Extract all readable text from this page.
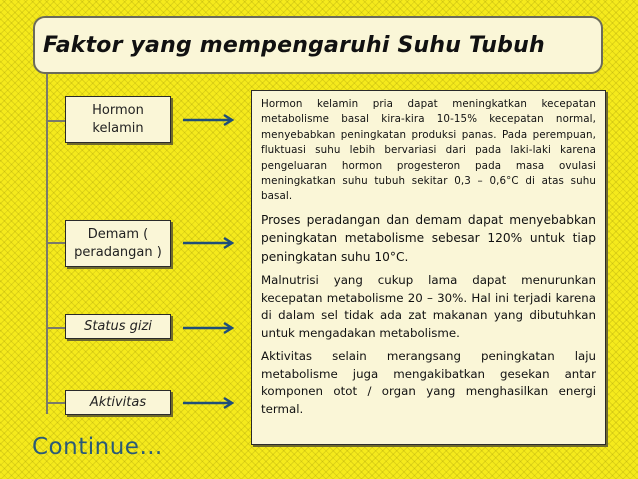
Faktor yang mempengaruhi Suhu Tubuh
Hormon kelamin
Demam ( peradangan )
Status gizi
Aktivitas

Hormon kelamin pria dapat meningkatkan kecepatan metabolisme basal kira-kira 10-15% kecepatan normal, menyebabkan peningkatan produksi panas. Pada perempuan, fluktuasi suhu lebih bervariasi dari pada laki-laki karena pengeluaran hormon progesteron pada masa ovulasi meningkatkan suhu tubuh sekitar 0,3 – 0,6°C di atas suhu basal.

Proses peradangan dan demam dapat menyebabkan peningkatan metabolisme sebesar 120% untuk tiap peningkatan suhu 10°C.

Malnutrisi yang cukup lama dapat menurunkan kecepatan metabolisme 20 – 30%. Hal ini terjadi karena di dalam sel tidak ada zat makanan yang dibutuhkan untuk mengadakan metabolisme.

Aktivitas selain merangsang peningkatan laju metabolisme juga mengakibatkan gesekan antar komponen otot / organ yang menghasilkan energi termal.

Continue…
